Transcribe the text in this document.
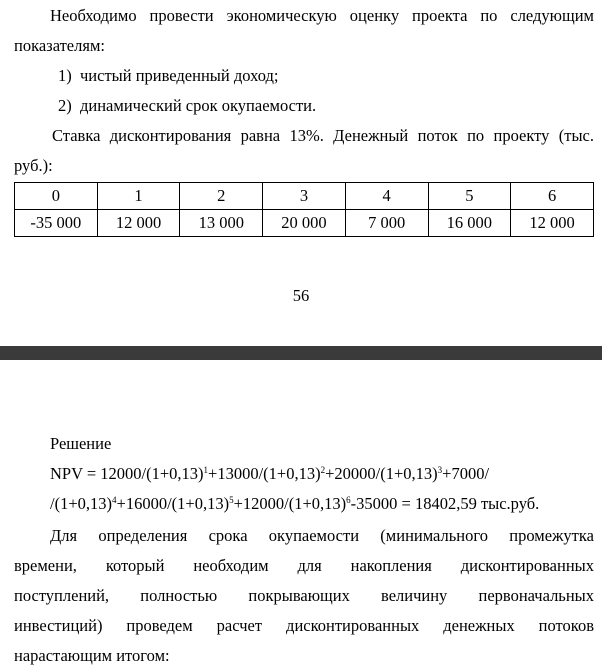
Необходимо провести экономическую оценку проекта по следующим
показателям:
1) чистый приведенный доход;
2) динамический срок окупаемости.
Ставка дисконтирования равна 13%. Денежный поток по проекту (тыс.
руб.):
0	1	2	3	4	5	6
-35 000	12 000	13 000	20 000	7 000	16 000	12 000
56
Решение
NPV = $12000/(1+0,13)^1+13000/(1+0,13)^2+20000/(1+0,13)^3+7000/$
$/(1+0,13)^4+16000/(1+0,13)^5+12000/(1+0,13)^6-35000 = 18402,59$ тыс.руб.
Для определения срока окупаемости (минимального промежутка
времени, который необходим для накопления дисконтированных
поступлений, полностью покрывающих величину первоначальных
инвестиций) проведем расчет дисконтированных денежных потоков
нарастающим итогом:
